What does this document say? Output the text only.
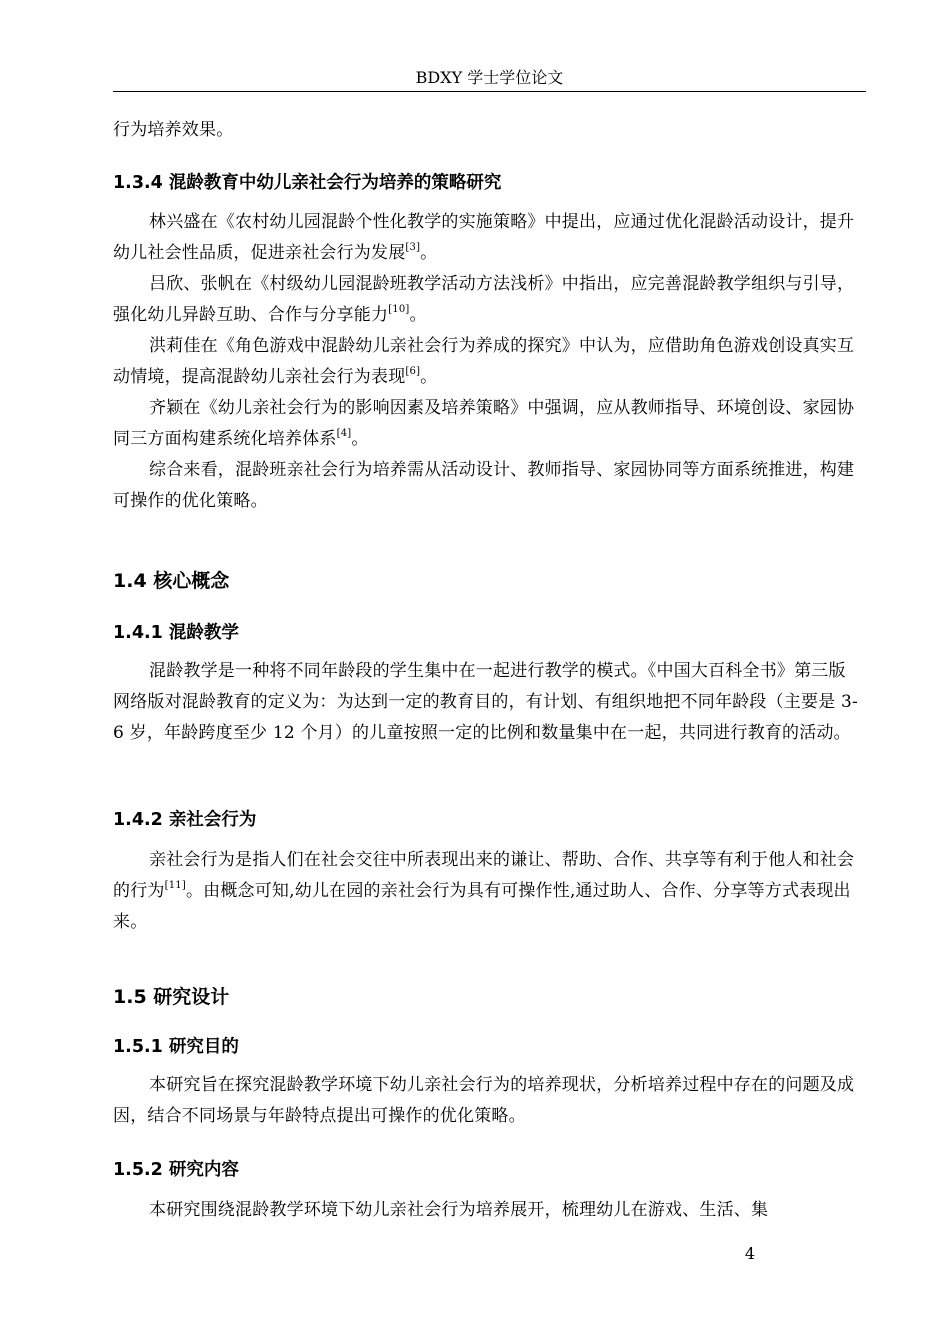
BDXY 学士学位论文

行为培养效果。

1.3.4 混龄教育中幼儿亲社会行为培养的策略研究

林兴盛在《农村幼儿园混龄个性化教学的实施策略》中提出，应通过优化混龄活动设计，提升幼儿社会性品质，促进亲社会行为发展[3]。

吕欣、张帆在《村级幼儿园混龄班教学活动方法浅析》中指出，应完善混龄教学组织与引导，强化幼儿异龄互助、合作与分享能力[10]。

洪莉佳在《角色游戏中混龄幼儿亲社会行为养成的探究》中认为，应借助角色游戏创设真实互动情境，提高混龄幼儿亲社会行为表现[6]。

齐颖在《幼儿亲社会行为的影响因素及培养策略》中强调，应从教师指导、环境创设、家园协同三方面构建系统化培养体系[4]。

综合来看，混龄班亲社会行为培养需从活动设计、教师指导、家园协同等方面系统推进，构建可操作的优化策略。

1.4 核心概念
1.4.1 混龄教学

混龄教学是一种将不同年龄段的学生集中在一起进行教学的模式。《中国大百科全书》第三版网络版对混龄教育的定义为：为达到一定的教育目的，有计划、有组织地把不同年龄段（主要是 3-6 岁，年龄跨度至少 12 个月）的儿童按照一定的比例和数量集中在一起，共同进行教育的活动。

1.4.2 亲社会行为

亲社会行为是指人们在社会交往中所表现出来的谦让、帮助、合作、共享等有利于他人和社会的行为[11]。由概念可知,幼儿在园的亲社会行为具有可操作性,通过助人、合作、分享等方式表现出来。

1.5 研究设计
1.5.1 研究目的

本研究旨在探究混龄教学环境下幼儿亲社会行为的培养现状，分析培养过程中存在的问题及成因，结合不同场景与年龄特点提出可操作的优化策略。

1.5.2 研究内容

本研究围绕混龄教学环境下幼儿亲社会行为培养展开，梳理幼儿在游戏、生活、集

4
